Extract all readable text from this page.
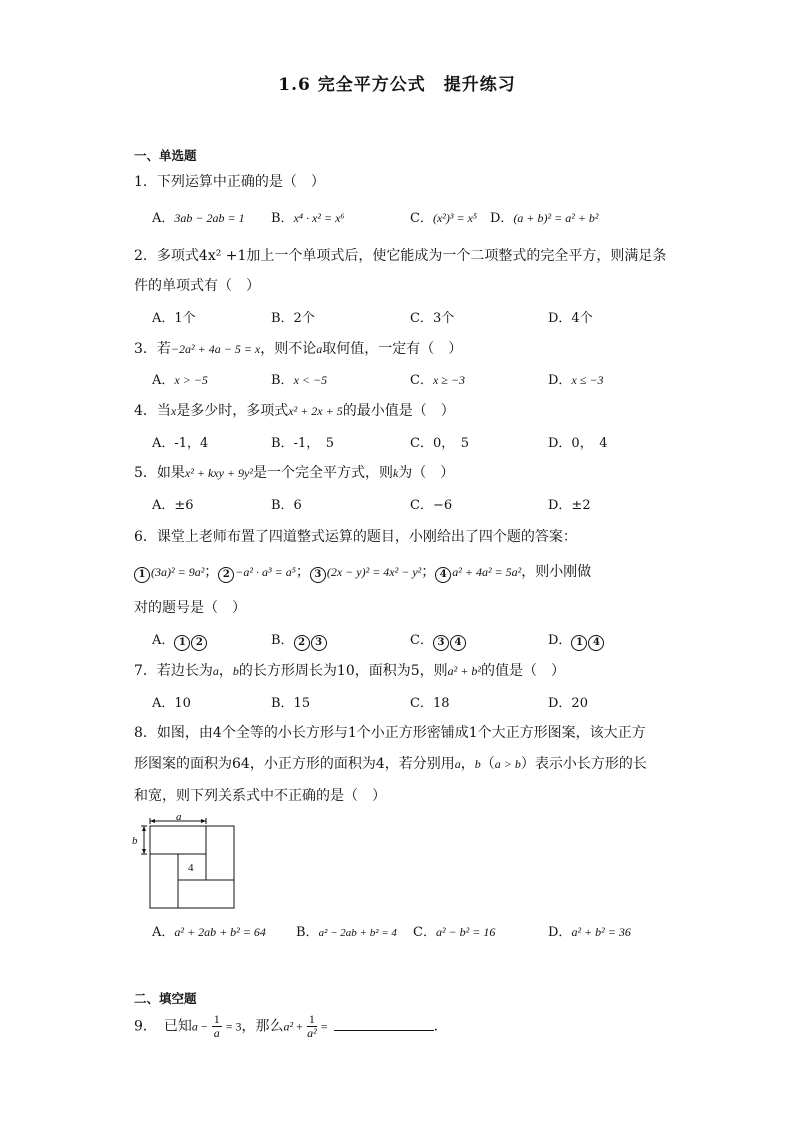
1.6 完全平方公式　提升练习
一、单选题
1．下列运算中正确的是（　）
A．3ab − 2ab = 1 B．x⁴ · x² = x⁶	C．(x²)³ = x⁵ D．(a + b)² = a² + b²
2．多项式4x² +1加上一个单项式后，使它能成为一个二项整式的完全平方，则满足条
件的单项式有（　）
A．1个	B．2个	C．3个	D．4个
3．若−2a² + 4a − 5 = x，则不论a取何值，一定有（　）
A．x > −5	B．x < −5	C．x ≥ −3	D．x ≤ −3
4．当x是多少时，多项式x² + 2x + 5的最小值是（　）
A．-1，4	B．-1，　5	C．0，　5	D．0，　4
5．如果x² + kxy + 9y²是一个完全平方式，则k为（　）
A．±6	B．6	C．−6	D．±2
6．课堂上老师布置了四道整式运算的题目，小刚给出了四个题的答案：
1 (3a)² = 9a²； 2 −a² · a³ = a⁵； 3 (2x − y)² = 4x² − y²； 4 a² + 4a² = 5a²，则小刚做
对的题号是（　）
A． 1 2	B． 2 3	C． 3 4	D． 1 4
7．若边长为a，b的长方形周长为10，面积为5，则a² + b²的值是（　）
A．10	B．15	C．18	D．20
8．如图，由4个全等的小长方形与1个小正方形密铺成1个大正方形图案，该大正方
形图案的面积为64，小正方形的面积为4，若分别用a，b（a > b）表示小长方形的长
和宽，则下列关系式中不正确的是（　）
a
b
4
A．a² + 2ab + b² = 64 B．a² − 2ab + b² = 4 C．a² − b² = 16	D．a² + b² = 36
二、填空题
9．　已知$a - \frac{1}{a} = 3$，那么$a^2 + \frac{1}{\text{a²}}$ =	．
